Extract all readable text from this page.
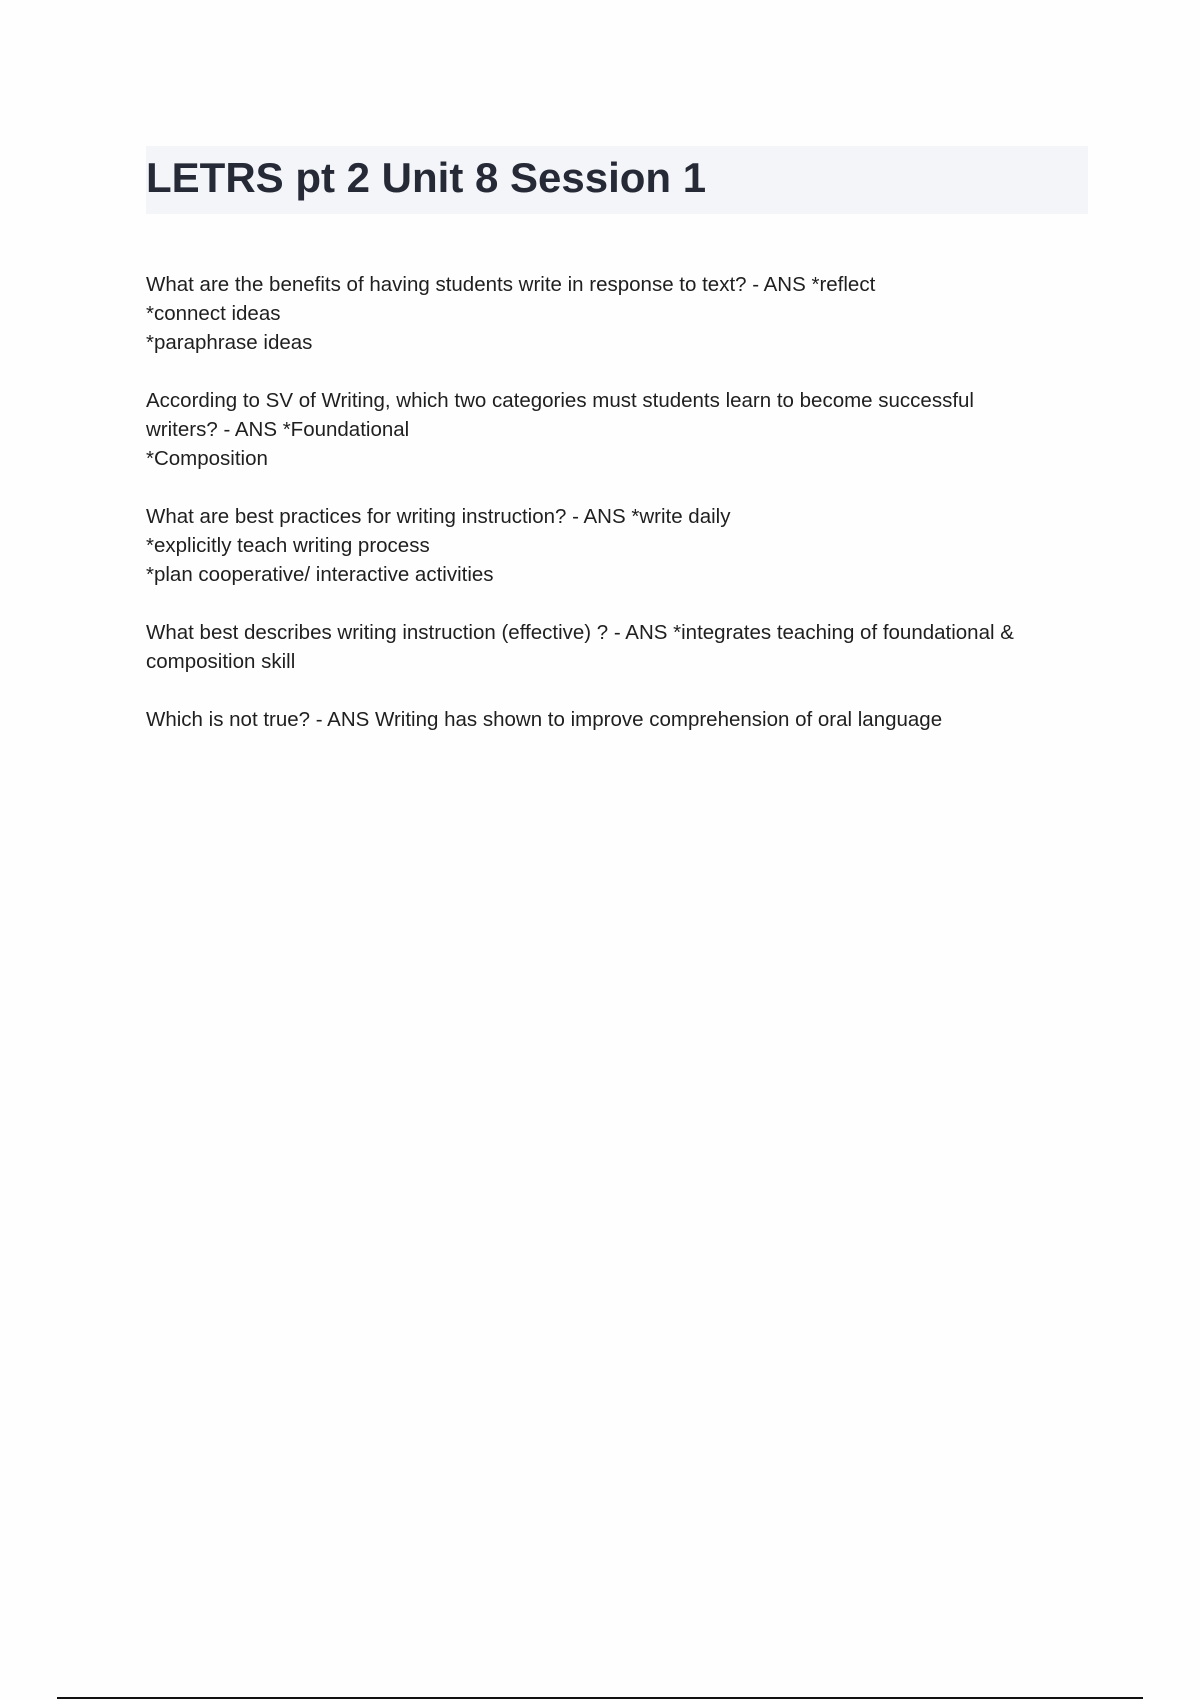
LETRS pt 2 Unit 8 Session 1
What are the benefits of having students write in response to text? - ANS *reflect
*connect ideas
*paraphrase ideas
According to SV of Writing, which two categories must students learn to become successful
writers? - ANS *Foundational
*Composition
What are best practices for writing instruction? - ANS *write daily
*explicitly teach writing process
*plan cooperative/ interactive activities
What best describes writing instruction (effective) ? - ANS *integrates teaching of foundational &
composition skill
Which is not true? - ANS Writing has shown to improve comprehension of oral language
